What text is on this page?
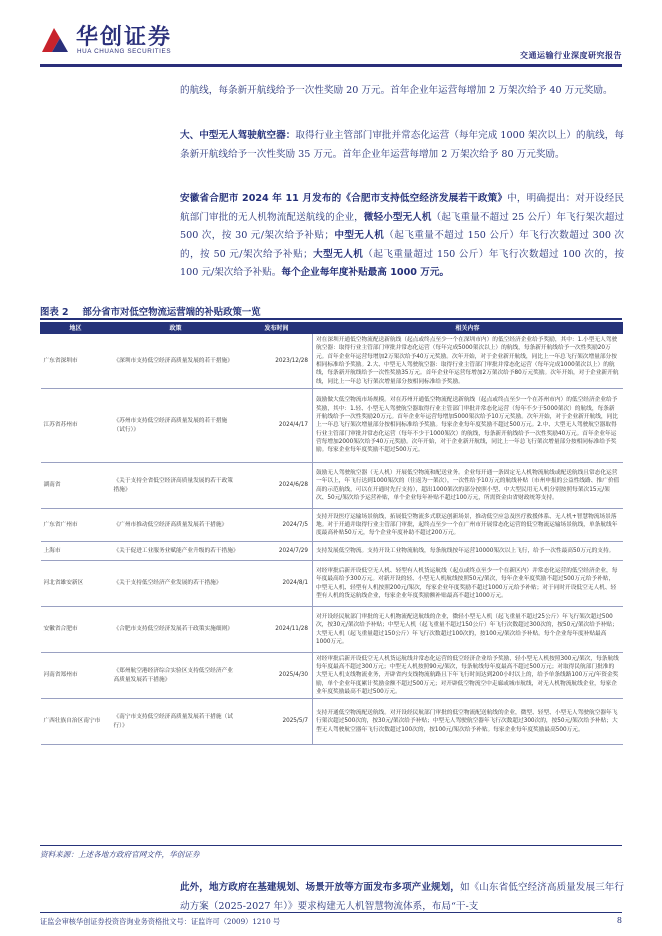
华创证券
HUA CHUANG SECURITIES	交通运输行业深度研究报告
的航线，每条新开航线给予一次性奖励 20 万元。首年企业年运营每增加 2 万架次给予 40 万元奖励。
大、中型无人驾驶航空器：取得行业主管部门审批并常态化运营（每年完成 1000 架次以上）的航线，每条新开航线给予一次性奖励 35 万元。首年企业年运营每增加 2 万架次给予 80 万元奖励。
安徽省合肥市 2024 年 11 月发布的《合肥市支持低空经济发展若干政策》中，明确提出：对开设经民航部门审批的无人机物流配送航线的企业，微轻小型无人机（起飞重量不超过 25 公斤）年飞行架次超过 500 次，按 30 元/架次给予补贴；中型无人机（起飞重量不超过 150 公斤）年飞行次数超过 300 次的，按 50 元/架次给予补贴；大型无人机（起飞重量超过 150 公斤）年飞行次数超过 100 次的，按 100 元/架次给予补贴。每个企业每年度补贴最高 1000 万元。
图表 2 部分省市对低空物流运营端的补贴政策一览
地区	政策	发布时间	相关内容
广东省深圳市	《深圳市支持低空经济高质量发展的若干措施》	2023/12/28	对在深圳开通低空物流配送新航线（起点或终点至少一个在深圳市内）的低空经济企业给予奖励，其中：1.小型无人驾驶航空器：取得行业主管部门审批并常态化运营（每年完成5000架次以上）的航线，每条新开航线给予一次性奖励20万元。首年企业年运营每增加2万架次给予40万元奖励。次年开始，对于企业新开航线，同比上一年总飞行架次增量部分按相同标准给予奖励。2.大、中型无人驾驶航空器：取得行业主管部门审批并常态化运营（每年完成1000架次以上）的航线，每条新开航线给予一次性奖励35万元。首年企业年运营每增加2万架次给予80万元奖励。次年开始，对于企业新开航线，同比上一年总飞行架次增量部分按相同标准给予奖励。
江苏省苏州市	《苏州市支持低空经济高质量发展的若干措施（试行）》	2024/4/17	鼓励做大低空物流市场规模。对在苏州开通低空物流配送新航线（起点或终点至少一个在苏州市内）的低空经济企业给予奖励，其中：1.轻、小型无人驾驶航空器取得行业主管部门审批并常态化运营（每年不少于5000架次）的航线，每条新开航线给予一次性奖励20万元。首年企业年运营每增加5000架次给予10万元奖励。次年开始，对于企业新开航线，同比上一年总飞行架次增量部分按相同标准给予奖励。每家企业每年度奖励不超过500万元。2.中、大型无人驾驶航空器取得行业主管部门审批并常态化运营（每年不少于1000架次）的航线，每条新开航线给予一次性奖励40万元。首年企业年运营每增加2000架次给予40万元奖励。次年开始，对于企业新开航线，同比上一年总飞行架次增量部分按相同标准给予奖励。每家企业每年度奖励不超过500万元。
湖南省	《关于支持全省低空经济高质量发展的若干政策措施》	2024/6/28	鼓励无人驾驶航空器（无人机）开展低空物流和配送业务。企业每开通一条固定无人机物流航线或配送航线且常态化运营一年以上，年飞行达到1000架次的（往返为一架次），一次性给予10万元的航线补贴（市州申报的公益性线路、推广价值高的示范航线，可以在开通时先行支持），超出1000架次的部分按照小型、中大型民用无人机分别按照每架次15元/架次、50元/架次给予运营补贴，单个企业每年补贴不超过100万元，所需资金由省财政统筹支持。
广东省广州市	《广州市推动低空经济高质量发展若干措施》	2024/7/5	支持开设医疗运输场景航线，拓展低空物流多式联运创新场景，推动低空应急及医疗救援体系、无人机+智慧物流场景落地。对于开通并取得行业主管部门审批，起终点至少一个在广州市开展常态化运营的低空物流运输场景航线，单条航线年度最高补贴50万元，每个企业年度补助不超过200万元。
上海市	《关于促进工业服务业赋能产业升级的若干措施》	2024/7/29	支持发展低空物流。支持开设工业物流航线，每条航线按年运营10000架次以上飞行，给予一次性最高50万元的支持。
河北省雄安新区	《关于支持低空经济产业发展的若干措施》	2024/8/1	对经审批后新开设低空无人机、轻型有人机货运航线（起点或终点至少一个在新区内）并常态化运营的低空经济企业，每年度最高给予300万元。对新开设的轻、小型无人机航线按照50元/架次，每年企业年度奖励不超过500万元给予补贴，中型无人机、轻型有人机按照200元/架次，每家企业年度奖励不超过1000万元给予补贴；对于同时开设低空无人机、轻型有人机的货运航线企业，每家企业年度奖励额补贴最高不超过1000万元。
安徽省合肥市	《合肥市支持低空经济发展若干政策实施细则》	2024/11/28	对开设经民航部门审批的无人机物流配送航线的企业，微轻小型无人机（起飞重量不超过25公斤）年飞行架次超过500次，按30元/架次给予补贴；中型无人机（起飞重量不超过150公斤）年飞行次数超过300次的，按50元/架次给予补贴；大型无人机（起飞重量超过150公斤）年飞行次数超过100次的，按100元/架次给予补贴。每个企业每年度补贴最高1000万元。
河南省郑州市	《郑州航空港经济综合实验区支持低空经济产业高质量发展若干措施》	2025/4/30	对经审批后新开设低空无人机货运航线并常态化运营的低空经济企业给予奖励，轻小型无人机按照300元/架次，每条航线每年度最高不超过300万元；中型无人机按照90元/架次，每条航线每年度最高不超过500万元；对取得民航部门批准的大型无人机支线物流业务，开辟省内支线物流航路且下年飞行时间达到200小时以上的，给予单条线路100万元/年资金奖励，单个企业年度累计奖励金额不超过500万元；对开辟低空物流空中走廊或城市航线，对无人机物流航线企业，每家企业年度奖励最高不超过500万元。
广西壮族自治区南宁市	《南宁市支持低空经济高质量发展若干措施（试行）》	2025/5/7	支持开通低空物流配送航线。对开设经民航部门审批的低空物流配送航线的企业，微型、轻型、小型无人驾驶航空器年飞行架次超过500次的，按30元/架次给予补贴；中型无人驾驶航空器年飞行次数超过300次的，按50元/架次给予补贴；大型无人驾驶航空器年飞行次数超过100次的，按100元/架次给予补贴。每家企业每年度奖励最高500万元。
资料来源：上述各地方政府官网文件，华创证券
此外，地方政府在基建规划、场景开放等方面发布多项产业规划，如《山东省低空经济高质量发展三年行动方案（2025-2027 年）》要求构建无人机智慧物流体系，布局“干-支
证监会审核华创证券投资咨询业务资格批文号：证监许可（2009）1210 号	8
